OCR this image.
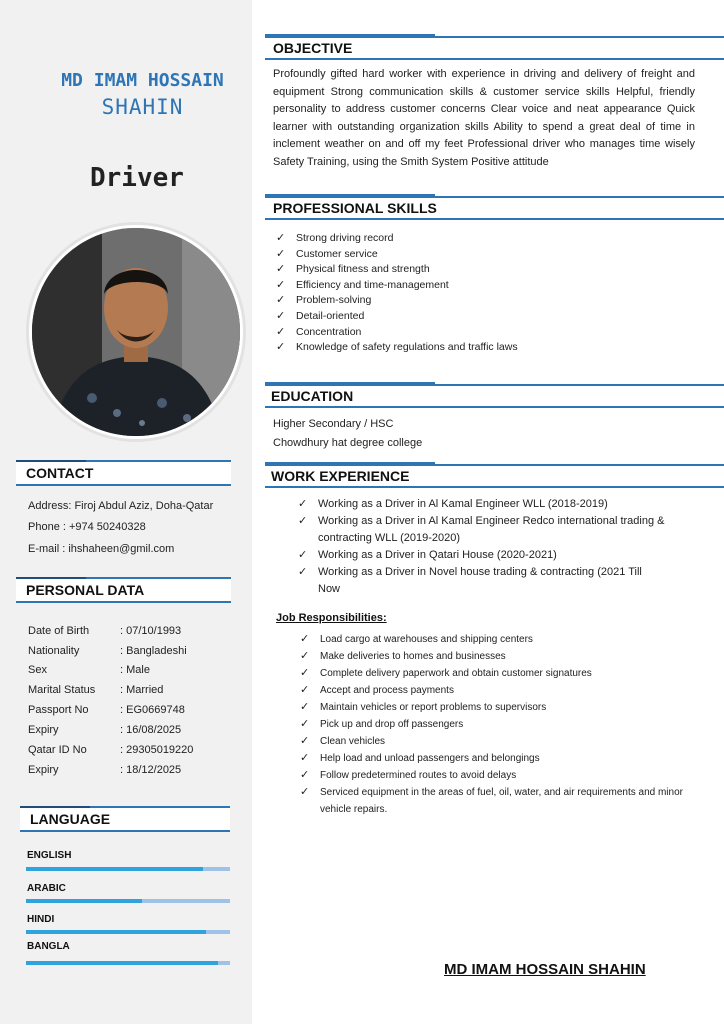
MD IMAM HOSSAIN
SHAHIN
Driver
CONTACT
Address: Firoj Abdul Aziz, Doha-Qatar
Phone : +974 50240328
E-mail : ihshaheen@gmil.com
PERSONAL DATA
Date of Birth	: 07/10/1993
Nationality	: Bangladeshi
Sex	: Male
Marital Status : Married
Passport No	: EG0669748
Expiry	: 16/08/2025
Qatar ID No	: 29305019220
Expiry	: 18/12/2025
LANGUAGE
ENGLISH
ARABIC
HINDI
BANGLA
OBJECTIVE
Profoundly gifted hard worker with experience in driving and delivery of freight and equipment Strong communication skills & customer service skills Helpful, friendly personality to address customer concerns Clear voice and neat appearance Quick learner with outstanding organization skills Ability to spend a great deal of time in inclement weather on and off my feet Professional driver who manages time wisely Safety Training, using the Smith System Positive attitude
PROFESSIONAL SKILLS
✓ Strong driving record
✓ Customer service
✓ Physical fitness and strength
✓ Efficiency and time-management
✓ Problem-solving
✓ Detail-oriented
✓ Concentration
✓ Knowledge of safety regulations and traffic laws
EDUCATION
Higher Secondary / HSC
Chowdhury hat degree college
WORK EXPERIENCE
✓ Working as a Driver in Al Kamal Engineer WLL (2018-2019)
✓ Working as a Driver in Al Kamal Engineer Redco international trading & contracting WLL (2019-2020)
✓ Working as a Driver in Qatari House (2020-2021)
✓ Working as a Driver in Novel house trading & contracting (2021 Till Now
Job Responsibilities:
✓ Load cargo at warehouses and shipping centers
✓ Make deliveries to homes and businesses
✓ Complete delivery paperwork and obtain customer signatures
✓ Accept and process payments
✓ Maintain vehicles or report problems to supervisors
✓ Pick up and drop off passengers
✓ Clean vehicles
✓ Help load and unload passengers and belongings
✓ Follow predetermined routes to avoid delays
✓ Serviced equipment in the areas of fuel, oil, water, and air requirements and minor vehicle repairs.
MD IMAM HOSSAIN SHAHIN
